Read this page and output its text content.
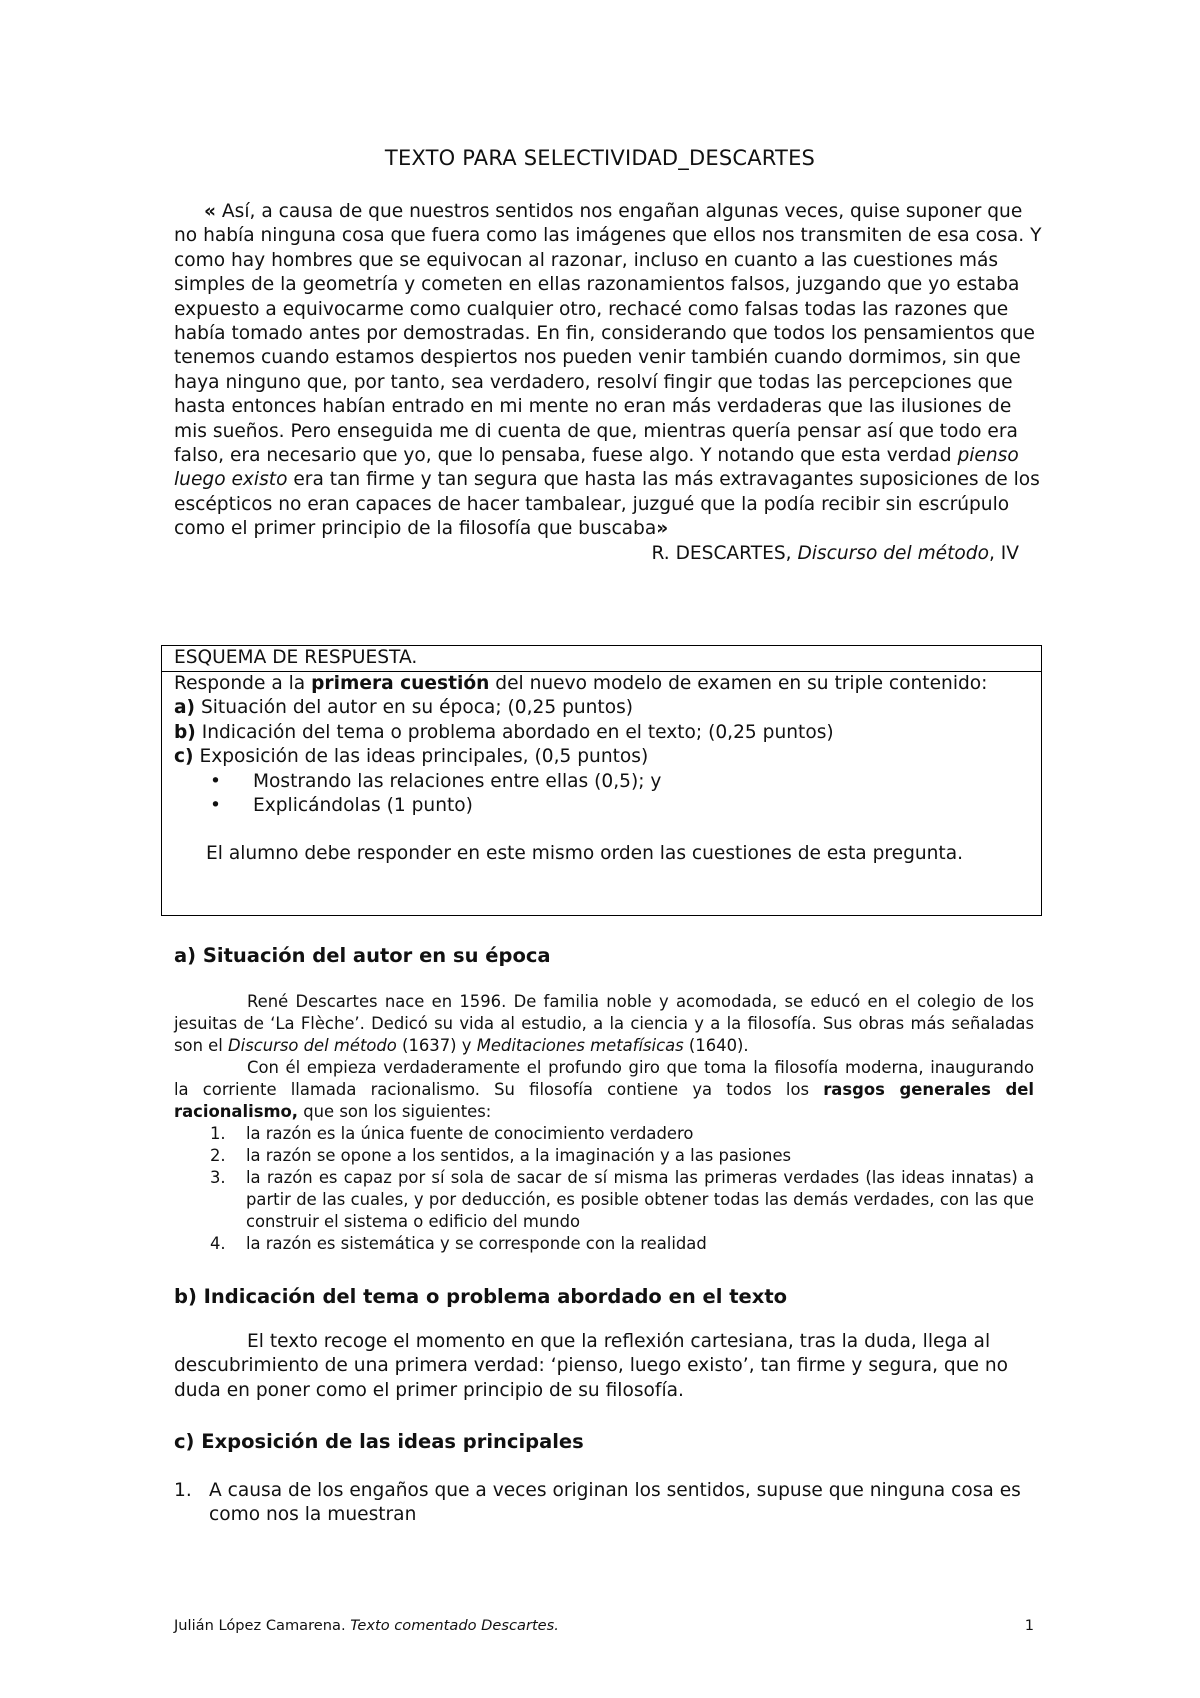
TEXTO PARA SELECTIVIDAD_DESCARTES

« Así, a causa de que nuestros sentidos nos engañan algunas veces, quise suponer que no había ninguna cosa que fuera como las imágenes que ellos nos transmiten de esa cosa. Y como hay hombres que se equivocan al razonar, incluso en cuanto a las cuestiones más simples de la geometría y cometen en ellas razonamientos falsos, juzgando que yo estaba expuesto a equivocarme como cualquier otro, rechacé como falsas todas las razones que había tomado antes por demostradas. En fin, considerando que todos los pensamientos que tenemos cuando estamos despiertos nos pueden venir también cuando dormimos, sin que haya ninguno que, por tanto, sea verdadero, resolví fingir que todas las percepciones que hasta entonces habían entrado en mi mente no eran más verdaderas que las ilusiones de mis sueños. Pero enseguida me di cuenta de que, mientras quería pensar así que todo era falso, era necesario que yo, que lo pensaba, fuese algo. Y notando que esta verdad pienso luego existo era tan firme y tan segura que hasta las más extravagantes suposiciones de los escépticos no eran capaces de hacer tambalear, juzgué que la podía recibir sin escrúpulo como el primer principio de la filosofía que buscaba»

R. DESCARTES, Discurso del método, IV

ESQUEMA DE RESPUESTA.

Responde a la primera cuestión del nuevo modelo de examen en su triple contenido:

a) Situación del autor en su época; (0,25 puntos)

b) Indicación del tema o problema abordado en el texto; (0,25 puntos)

c) Exposición de las ideas principales, (0,5 puntos)

• Mostrando las relaciones entre ellas (0,5); y
• Explicándolas (1 punto)

El alumno debe responder en este mismo orden las cuestiones de esta pregunta.

a) Situación del autor en su época

René Descartes nace en 1596. De familia noble y acomodada, se educó en el colegio de los jesuitas de ‘La Flèche’. Dedicó su vida al estudio, a la ciencia y a la filosofía. Sus obras más señaladas son el Discurso del método (1637) y Meditaciones metafísicas (1640).

Con él empieza verdaderamente el profundo giro que toma la filosofía moderna, inaugurando la corriente llamada racionalismo. Su filosofía contiene ya todos los rasgos generales del racionalismo, que son los siguientes:

1. la razón es la única fuente de conocimiento verdadero
2. la razón se opone a los sentidos, a la imaginación y a las pasiones
3. la razón es capaz por sí sola de sacar de sí misma las primeras verdades (las ideas innatas) a partir de las cuales, y por deducción, es posible obtener todas las demás verdades, con las que construir el sistema o edificio del mundo
4. la razón es sistemática y se corresponde con la realidad
b) Indicación del tema o problema abordado en el texto

El texto recoge el momento en que la reflexión cartesiana, tras la duda, llega al descubrimiento de una primera verdad: ‘pienso, luego existo’, tan firme y segura, que no duda en poner como el primer principio de su filosofía.

c) Exposición de las ideas principales
1. A causa de los engaños que a veces originan los sentidos, supuse que ninguna cosa es como nos la muestran
Julián López Camarena. Texto comentado Descartes.	1
